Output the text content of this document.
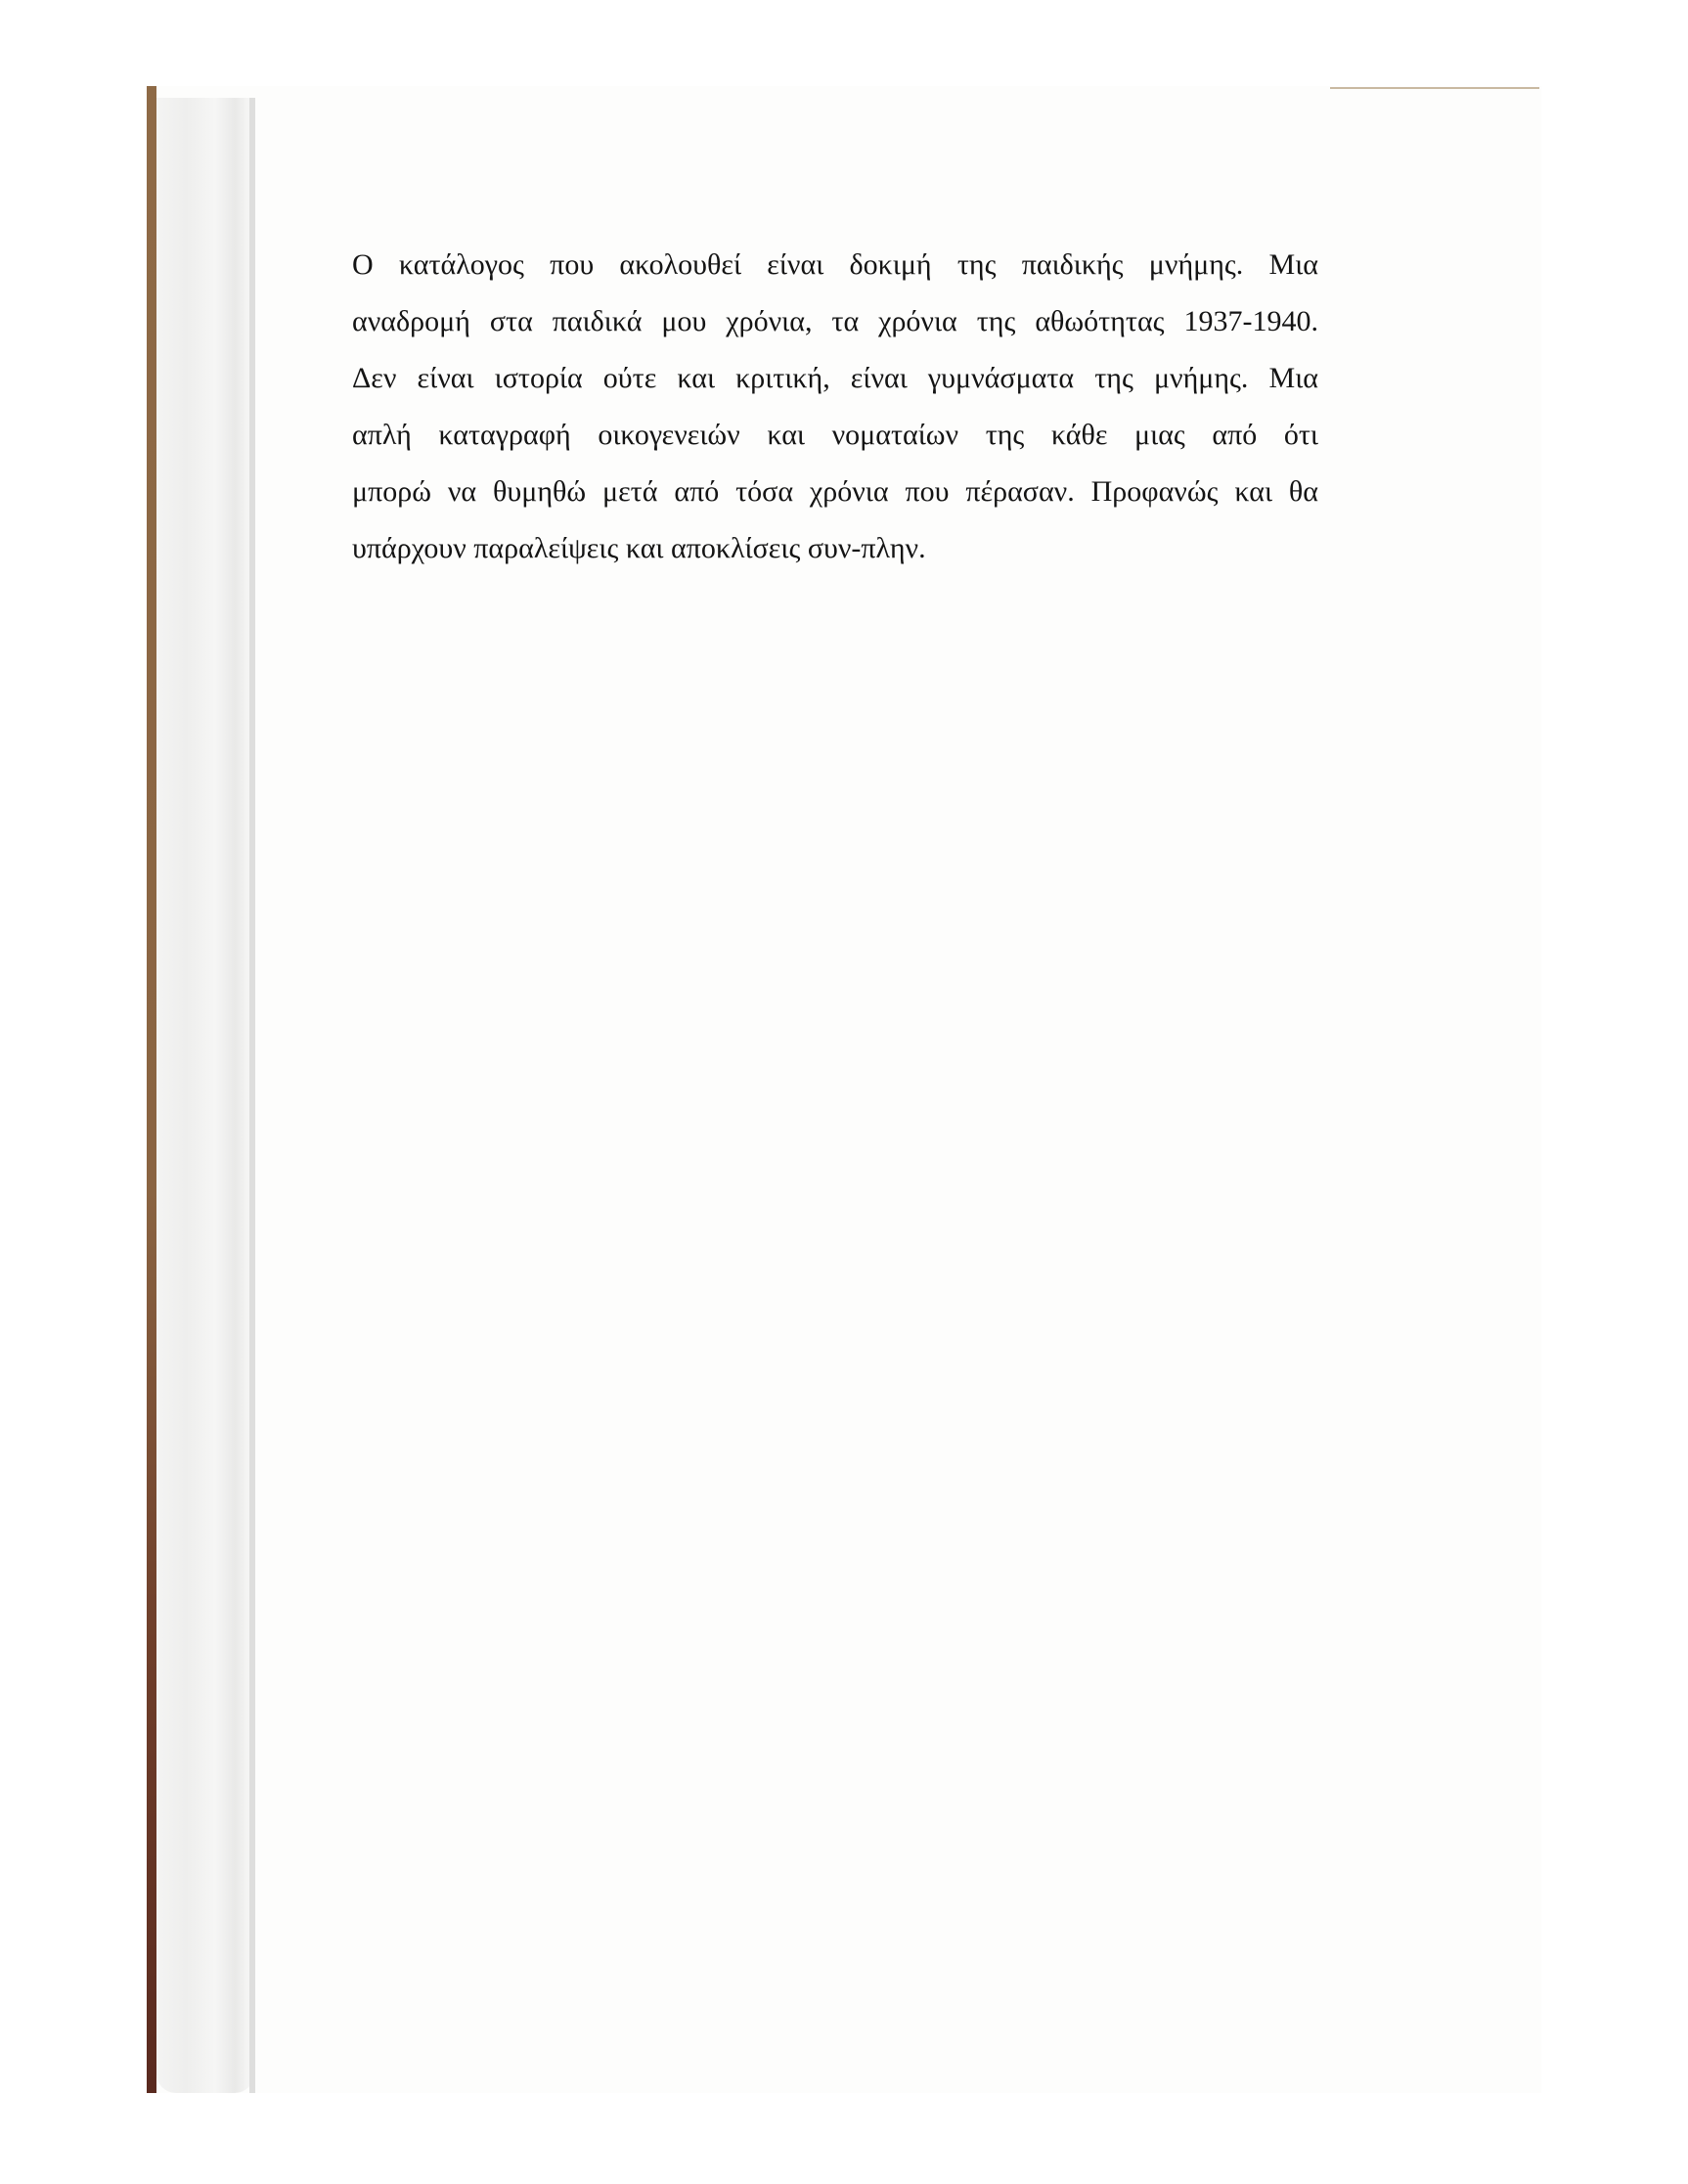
Ο κατάλογος που ακολουθεί είναι δοκιμή της παιδικής μνήμης. Μια
αναδρομή στα παιδικά μου χρόνια, τα χρόνια της αθωότητας 1937-1940.
Δεν είναι ιστορία ούτε και κριτική, είναι γυμνάσματα της μνήμης. Μια
απλή καταγραφή οικογενειών και νοματαίων της κάθε μιας από ότι
μπορώ να θυμηθώ μετά από τόσα χρόνια που πέρασαν. Προφανώς και θα
υπάρχουν παραλείψεις και αποκλίσεις συν-πλην.
